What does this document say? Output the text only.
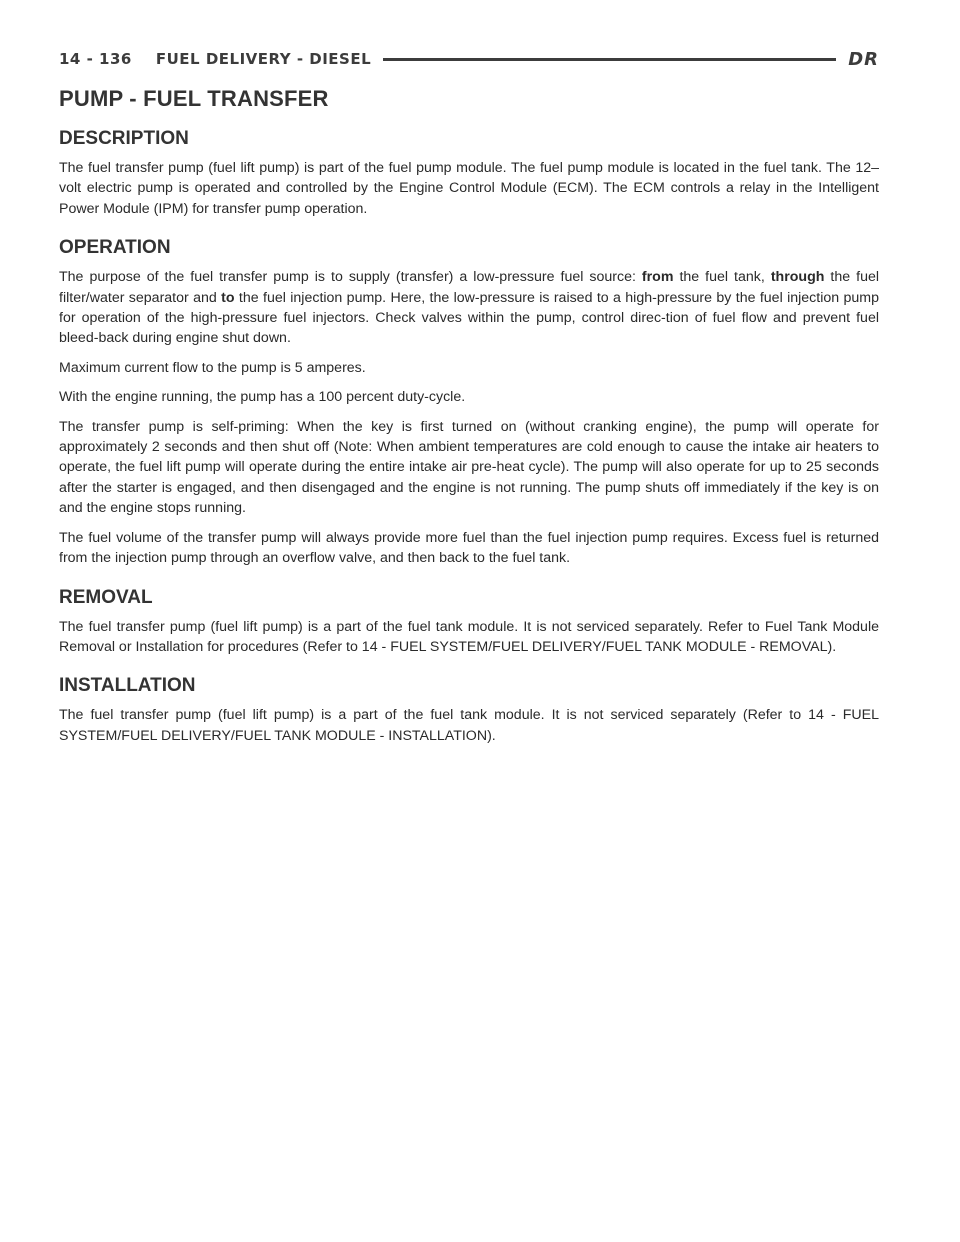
14 - 136 FUEL DELIVERY - DIESEL	DR
PUMP - FUEL TRANSFER
DESCRIPTION

The fuel transfer pump (fuel lift pump) is part of the fuel pump module. The fuel pump module is located in the fuel tank. The 12–volt electric pump is operated and controlled by the Engine Control Module (ECM). The ECM controls a relay in the Intelligent Power Module (IPM) for transfer pump operation.

OPERATION

The purpose of the fuel transfer pump is to supply (transfer) a low-pressure fuel source: from the fuel tank, through the fuel filter/water separator and to the fuel injection pump. Here, the low-pressure is raised to a high-pressure by the fuel injection pump for operation of the high-pressure fuel injectors. Check valves within the pump, control direc-tion of fuel flow and prevent fuel bleed-back during engine shut down.

Maximum current flow to the pump is 5 amperes.

With the engine running, the pump has a 100 percent duty-cycle.

The transfer pump is self-priming: When the key is first turned on (without cranking engine), the pump will operate for approximately 2 seconds and then shut off (Note: When ambient temperatures are cold enough to cause the intake air heaters to operate, the fuel lift pump will operate during the entire intake air pre-heat cycle). The pump will also operate for up to 25 seconds after the starter is engaged, and then disengaged and the engine is not running. The pump shuts off immediately if the key is on and the engine stops running.

The fuel volume of the transfer pump will always provide more fuel than the fuel injection pump requires. Excess fuel is returned from the injection pump through an overflow valve, and then back to the fuel tank.

REMOVAL

The fuel transfer pump (fuel lift pump) is a part of the fuel tank module. It is not serviced separately. Refer to Fuel Tank Module Removal or Installation for procedures (Refer to 14 - FUEL SYSTEM/FUEL DELIVERY/FUEL TANK MODULE - REMOVAL).

INSTALLATION

The fuel transfer pump (fuel lift pump) is a part of the fuel tank module. It is not serviced separately (Refer to 14 - FUEL SYSTEM/FUEL DELIVERY/FUEL TANK MODULE - INSTALLATION).
